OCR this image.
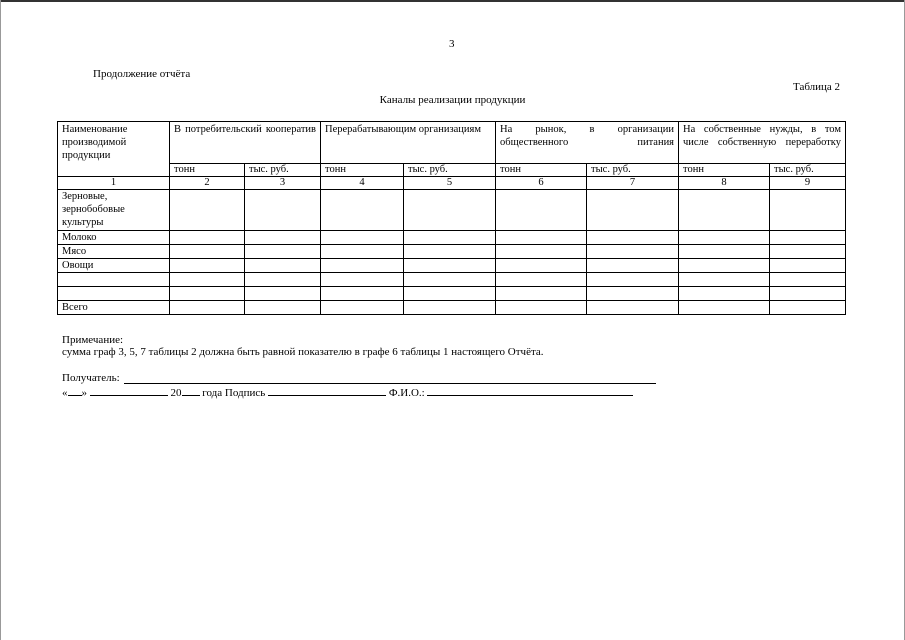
3
Продолжение отчёта
Таблица 2
Каналы реализации продукции
Наименование производимой продукции	В потребительский кооператив		Перерабатывающим организациям		На рынок, в организации общественного питания		На собственные нужды, в том числе собственную переработку	

	тонн	тыс. руб.	тонн	тыс. руб.	тонн	тыс. руб.	тонн	тыс. руб.
1	2	3	4	5	6	7	8	9
Зерновые, зернобобовые культуры								
Молоко								
Мясо								
Овощи								

Всего								
Примечание:
сумма граф 3, 5, 7 таблицы 2 должна быть равной показателю в графе 6 таблицы 1 настоящего Отчёта.
Получатель:
« »	20 года Подпись	Ф.И.О.:
